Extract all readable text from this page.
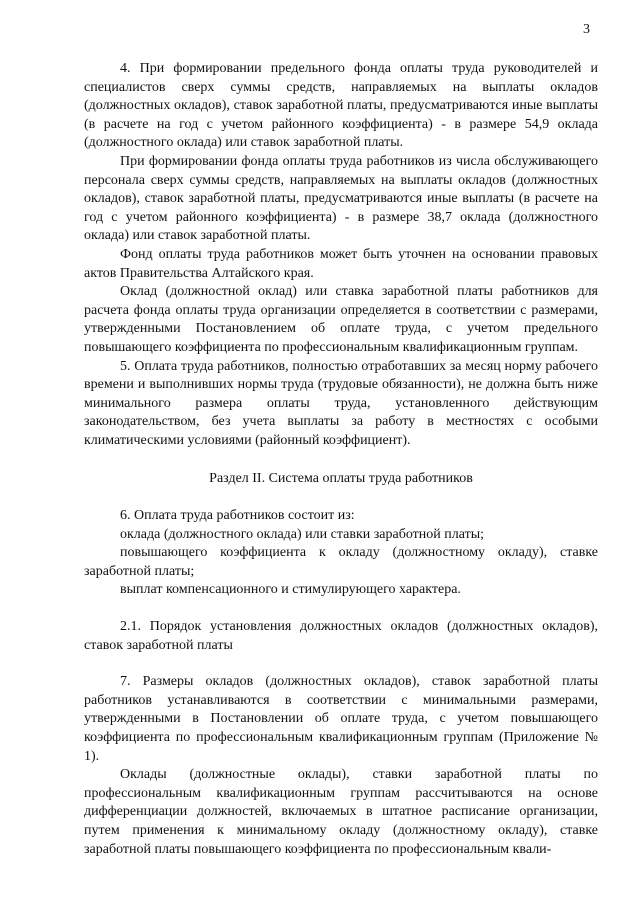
3

4. При формировании предельного фонда оплаты труда руководителей и специалистов сверх суммы средств, направляемых на выплаты окладов (должностных окладов), ставок заработной платы, предусматриваются иные выплаты (в расчете на год с учетом районного коэффициента) - в размере 54,9 оклада (должностного оклада) или ставок заработной платы.

При формировании фонда оплаты труда работников из числа обслуживающего персонала сверх суммы средств, направляемых на выплаты окладов (должностных окладов), ставок заработной платы, предусматриваются иные выплаты (в расчете на год с учетом районного коэффициента) - в размере 38,7 оклада (должностного оклада) или ставок заработной платы.

Фонд оплаты труда работников может быть уточнен на основании правовых актов Правительства Алтайского края.

Оклад (должностной оклад) или ставка заработной платы работников для расчета фонда оплаты труда организации определяется в соответствии с размерами, утвержденными Постановлением об оплате труда, с учетом предельного повышающего коэффициента по профессиональным квалификационным группам.

5. Оплата труда работников, полностью отработавших за месяц норму рабочего времени и выполнивших нормы труда (трудовые обязанности), не должна быть ниже минимального размера оплаты труда, установленного действующим законодательством, без учета выплаты за работу в местностях с особыми климатическими условиями (районный коэффициент).

Раздел II. Система оплаты труда работников

6. Оплата труда работников состоит из:

оклада (должностного оклада) или ставки заработной платы;

повышающего коэффициента к окладу (должностному окладу), ставке заработной платы;

выплат компенсационного и стимулирующего характера.

2.1. Порядок установления должностных окладов (должностных окладов), ставок заработной платы

7. Размеры окладов (должностных окладов), ставок заработной платы работников устанавливаются в соответствии с минимальными размерами, утвержденными в Постановлении об оплате труда, с учетом повышающего коэффициента по профессиональным квалификационным группам (Приложение № 1).

Оклады (должностные оклады), ставки заработной платы по профессиональным квалификационным группам рассчитываются на основе дифференциации должностей, включаемых в штатное расписание организации, путем применения к минимальному окладу (должностному окладу), ставке заработной платы повышающего коэффициента по профессиональным квали-
